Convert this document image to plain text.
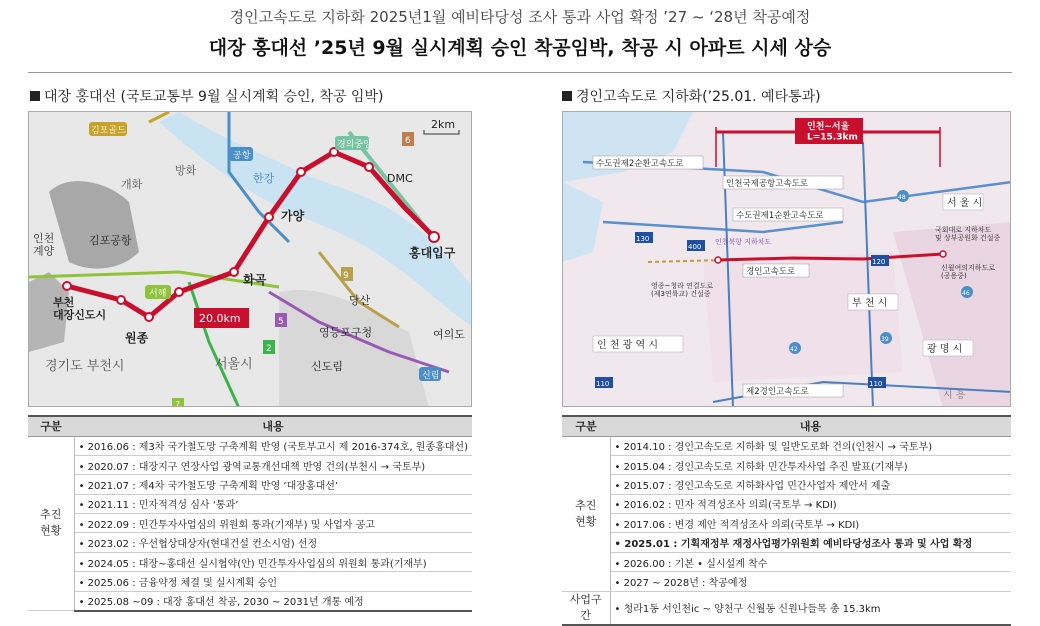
경인고속도로 지하화 2025년1월 예비타당성 조사 통과 사업 확정 ’27 ~ ‘28년 착공예정
대장 홍대선 ’25년 9월 실시계획 승인 착공임박, 착공 시 아파트 시세 상승
대장 홍대선 (국토교통부 9월 실시계획 승인, 착공 임박)
김포골드
공항
경의중앙	6
2km
개화
방화
한강	DMC
가양
홍대입구
인천 계양
김포공항
서해
9
화곡
당산
부천 대장신도시
원종
20.0km	5
영등포구청	여의도
2
서울시	신도림
경기도 부천시
신림
7
구분	내용
추진
현황	• 2016.06 : 제3차 국가철도망 구축계획 반영 (국토부고시 제 2016-374호, 원종홍대선)
	• 2020.07 : 대장지구 연장사업 광역교통개선대책 반영 건의(부천시 → 국토부)
	• 2021.07 : 제4차 국가철도망 구축계획 반영 ‘대장홍대선’
	• 2021.11 : 민자적격성 심사 ‘통과’
	• 2022.09 : 민간투자사업심의 위원회 통과(기재부) 및 사업자 공고
	• 2023.02 : 우선협상대상자(현대건설 컨소시엄) 선정
	• 2024.05 : 대장~홍대선 실시협약(안) 민간투자사업심의 위원회 통과(기재부)
	• 2025.06 : 금융약정 체결 및 실시계획 승인
	• 2025.08 ~09 : 대장 홍대선 착공, 2030 ~ 2031년 개통 예정
경인고속도로 지하화(’25.01. 예타통과)
인천~서울 L=15.3km
수도권제2순환고속도로
인천국제공항고속도로
수도권제1순환고속도로
서 울 시
경인고속도로
부 천 시
인 천 광 역 시	광 명 시
제2경인고속도로
국회대로 지하차도 및 상부공원화 건설중
신월여의지하도로 (공용중)
영종~청라 연결도로 (제3연륙교) 건설중
인천북항 지하차도
130
400
120
110	110
48
46
39
42
시 흥
구분	내용
추진
현황	• 2014.10 : 경인고속도로 지하화 및 일반도로화 건의(인천시 → 국토부)
	• 2015.04 : 경인고속도로 지하화 민간투자사업 추진 발표(기재부)
	• 2015.07 : 경인고속도로 지하화사업 민간사업자 제안서 제출
	• 2016.02 : 민자 적격성조사 의뢰(국토부 → KDI)
	• 2017.06 : 변경 제안 적격성조사 의뢰(국토부 → KDI)
	• 2025.01 : 기획재정부 재정사업평가위원회 예비타당성조사 통과 및 사업 확정
	• 2026.00 : 기본 • 실시설계 착수
	• 2027 ~ 2028년 : 착공예정
사업구간	• 청라1동 서인천ic ~ 양천구 신월동 신원나들목 총 15.3km
